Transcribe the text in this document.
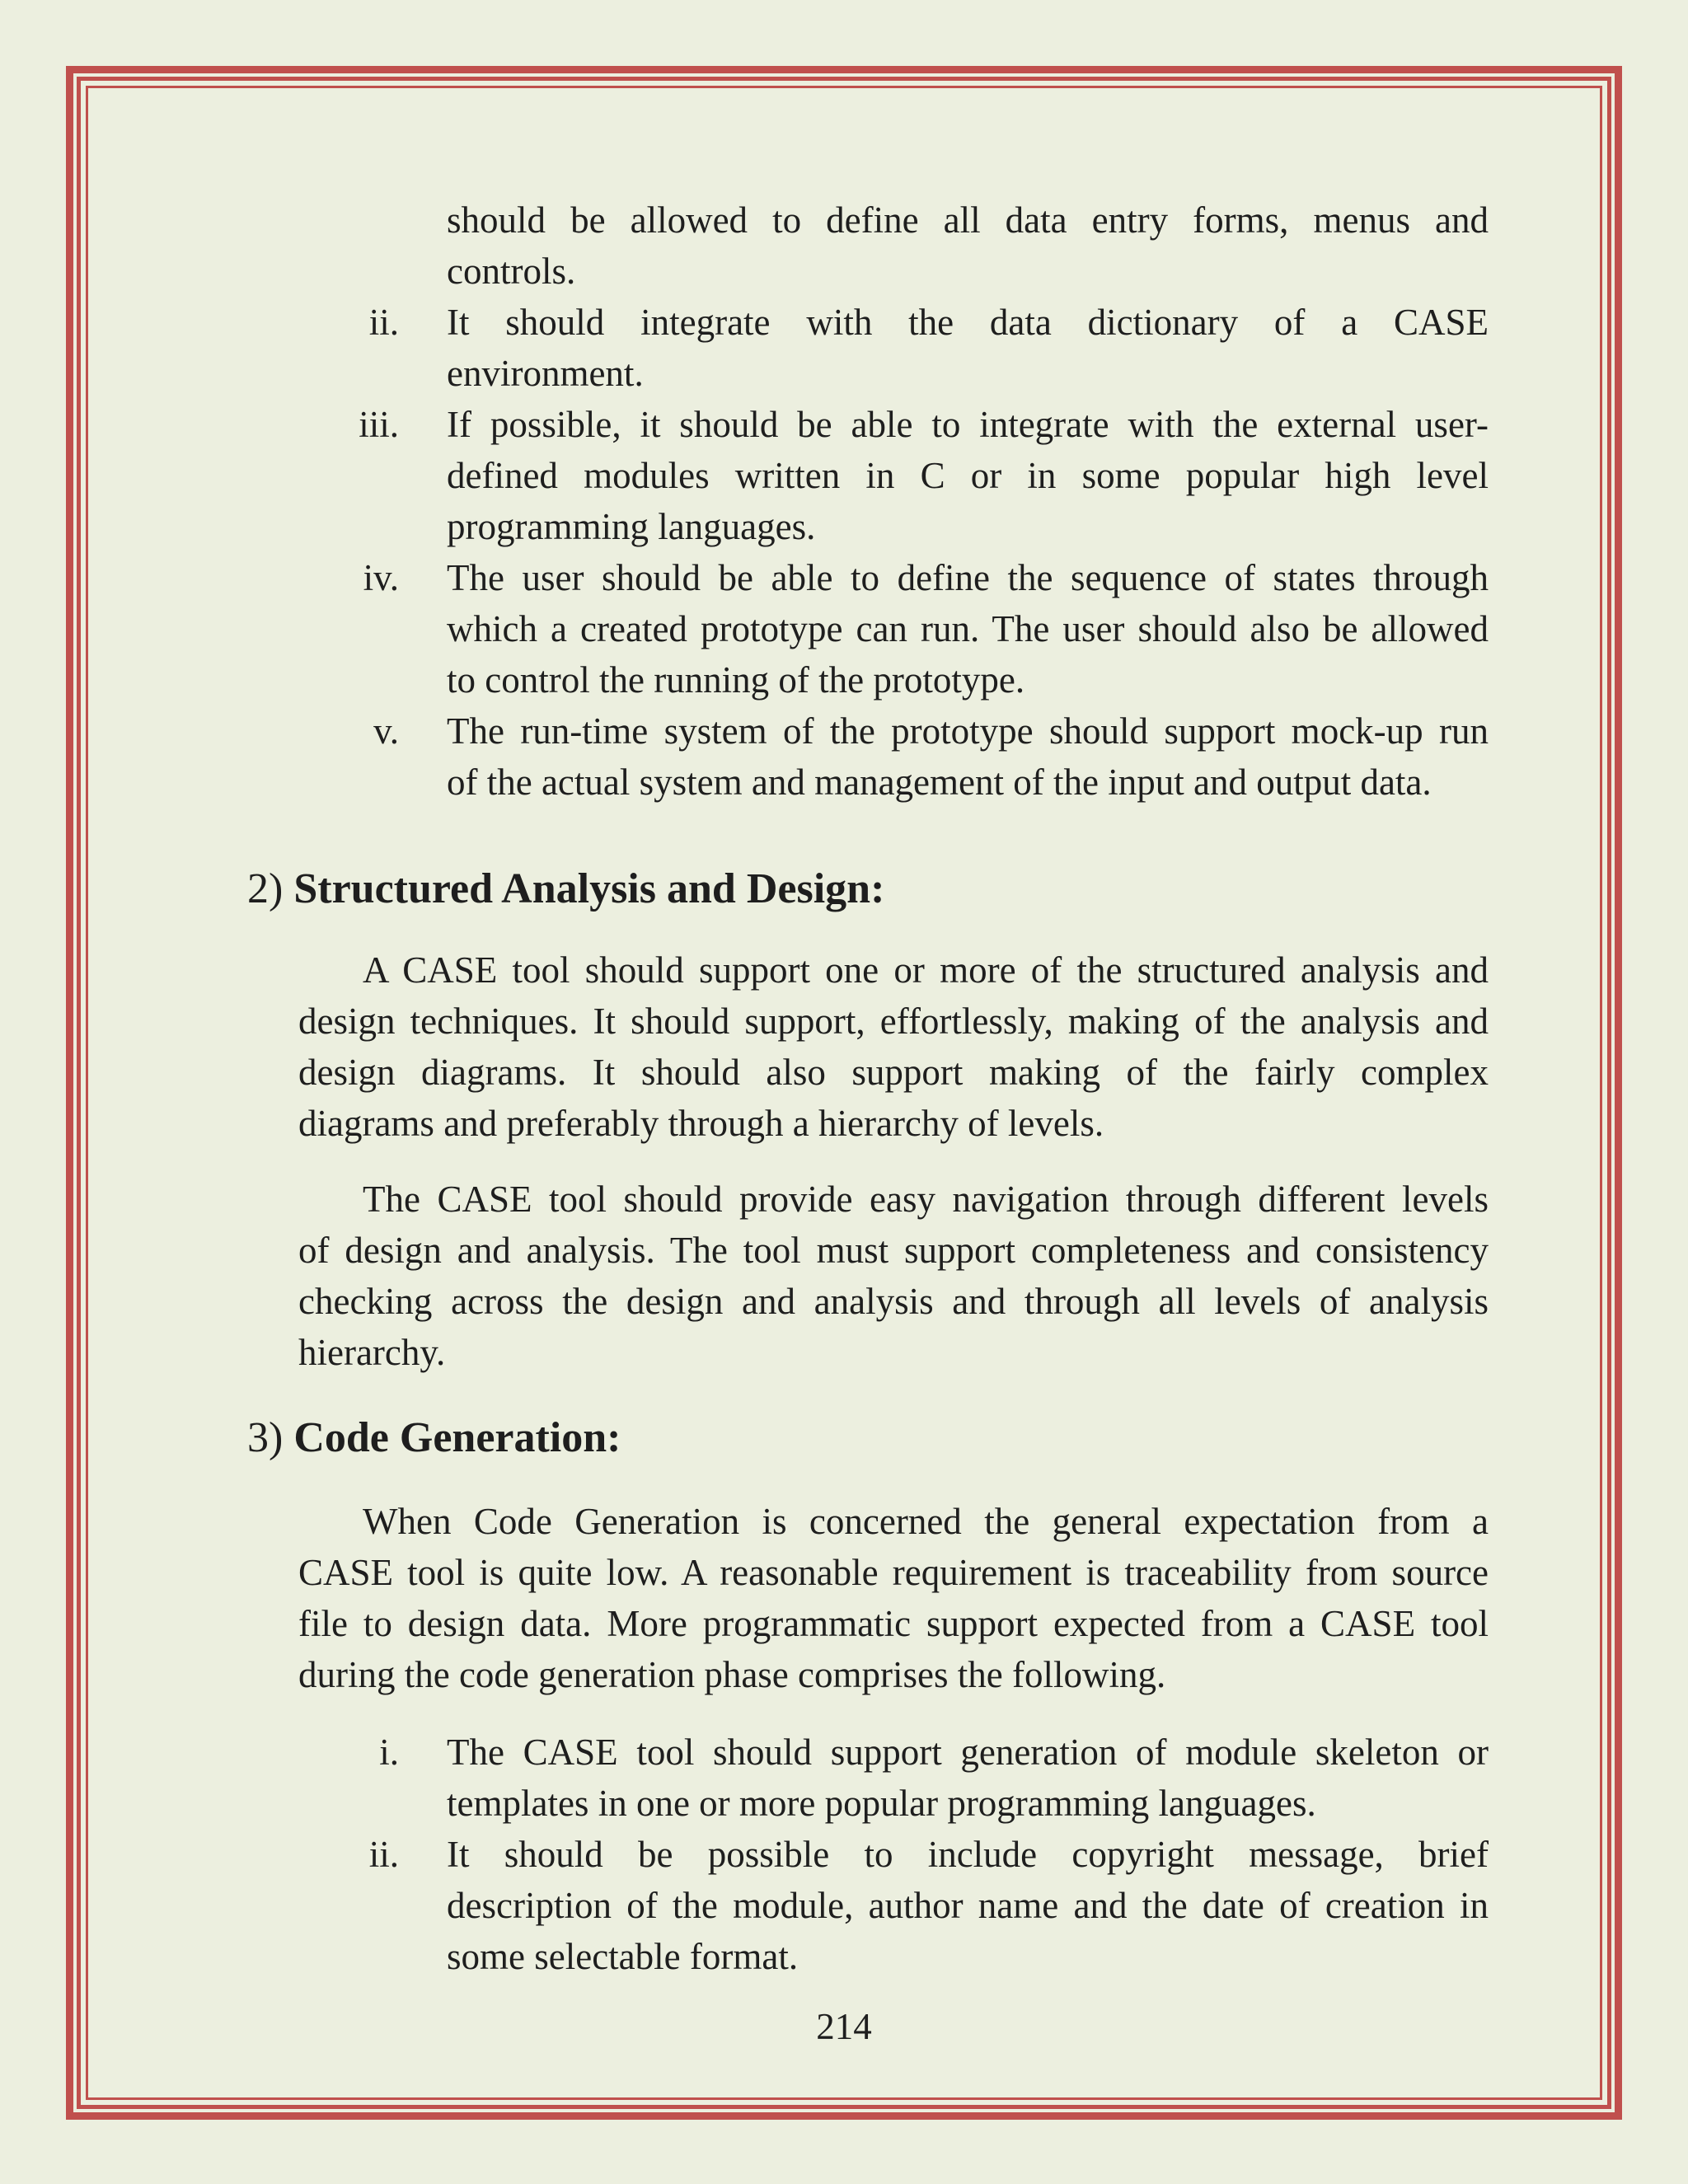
should be allowed to define all data entry forms, menus and
controls.
ii. It should integrate with the data dictionary of a CASE
environment.
iii. If possible, it should be able to integrate with the external user-
defined modules written in C or in some popular high level
programming languages.
iv. The user should be able to define the sequence of states through
which a created prototype can run. The user should also be allowed
to control the running of the prototype.
v. The run-time system of the prototype should support mock-up run
of the actual system and management of the input and output data.
2) Structured Analysis and Design:
A CASE tool should support one or more of the structured analysis and
design techniques. It should support, effortlessly, making of the analysis and
design diagrams. It should also support making of the fairly complex
diagrams and preferably through a hierarchy of levels.
The CASE tool should provide easy navigation through different levels
of design and analysis. The tool must support completeness and consistency
checking across the design and analysis and through all levels of analysis
hierarchy.
3) Code Generation:
When Code Generation is concerned the general expectation from a
CASE tool is quite low. A reasonable requirement is traceability from source
file to design data. More programmatic support expected from a CASE tool
during the code generation phase comprises the following.
i. The CASE tool should support generation of module skeleton or
templates in one or more popular programming languages.
ii. It should be possible to include copyright message, brief
description of the module, author name and the date of creation in
some selectable format.
214
